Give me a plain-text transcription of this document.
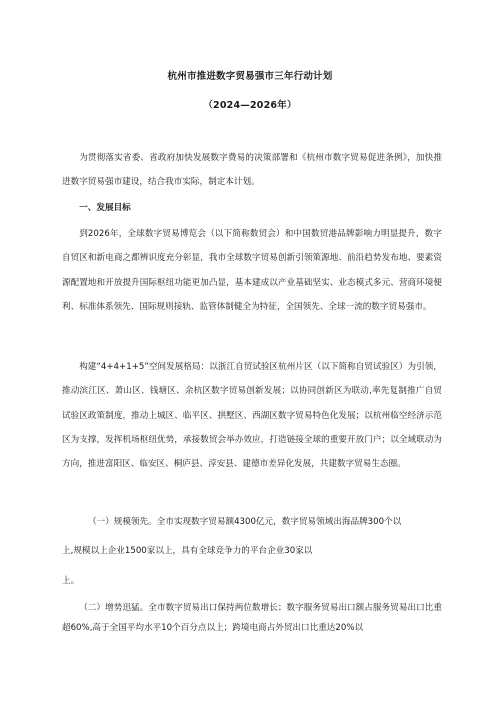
杭州市推进数字贸易强市三年行动计划
（2024—2026年）
为贯彻落实省委、省政府加快发展数字费易的决策部署和《杭州市数字贸易促进条例》，加快推进数字贸易强市建设，结合我市实际，制定本计划。
一、发展目标
到2026年，全球数字贸易博览会（以下简称数贸会）和中国数贸港品牌影响力明显提升，数字自贸区和新电商之都辨识度充分彰显，我市全球数字贸易创新引领策源地、前沿趋势发布地、要素资源配置地和开放提升国际枢纽功能更加凸显，基本建成以产业基础坚实、业态模式多元、营商环境便利、标准体系领先、国际规则接轨、监管体制健全为特征，全国领先、全球一流的数字贸易强市。
构建“4+4+1+5”空间发展格局：以浙江自贸试验区杭州片区（以下简称自贸试验区）为引领，推动滨江区、萧山区、钱塘区、余杭区数字贸易创新发展；以协同创新区为联动,率先复制推广自贸试验区政策制度，推动上城区、临平区、拱墅区、西湖区数字贸易特色化发展；以杭州临空经济示范区为支撑，发挥机场枢纽优势，承接数贸会举办效应，打造链接全球的重要开放门户；以全域联动为方向，推进富阳区、临安区、桐庐县、淳安县、建德市差异化发展，共建数字贸易生态圈。
（一）规模领先。全市实现数字贸易额4300亿元，数字贸易领域出海品牌300个以
上,规模以上企业1500家以上，具有全球竞争力的平台企业30家以
上。
（二）增势迅猛。全市数字贸易出口保持两位数增长；数字服务贸易出口额占服务贸易出口比重超60%,高于全国平均水平10个百分点以上；跨境电商占外贸出口比重达20%以
